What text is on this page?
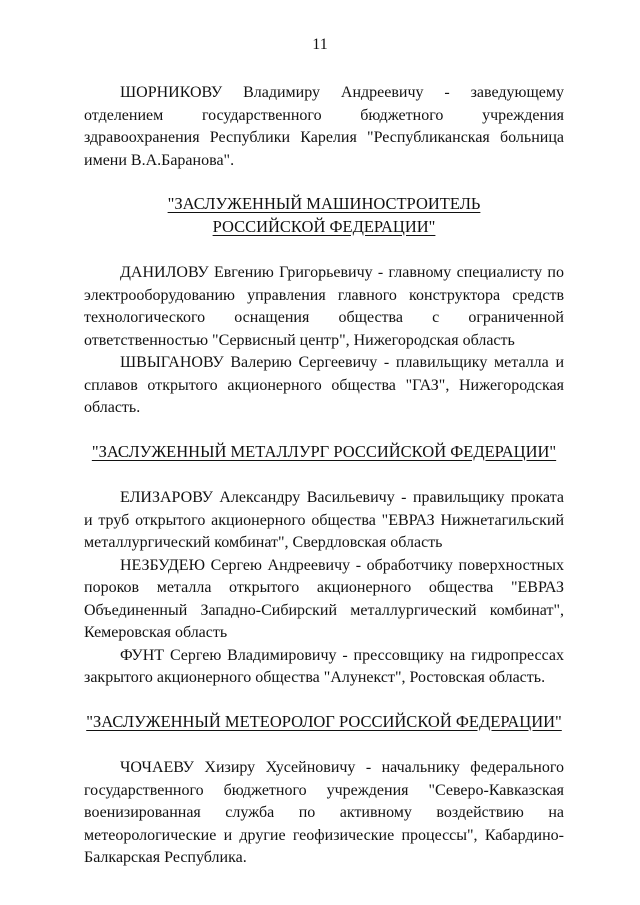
11

ШОРНИКОВУ Владимиру Андреевичу - заведующему отделением государственного бюджетного учреждения здравоохранения Республики Карелия "Республиканская больница имени В.А.Баранова".

"ЗАСЛУЖЕННЫЙ МАШИНОСТРОИТЕЛЬ
РОССИЙСКОЙ ФЕДЕРАЦИИ"

ДАНИЛОВУ Евгению Григорьевичу - главному специалисту по электрооборудованию управления главного конструктора средств технологического оснащения общества с ограниченной ответственностью "Сервисный центр", Нижегородская область

ШВЫГАНОВУ Валерию Сергеевичу - плавильщику металла и сплавов открытого акционерного общества "ГАЗ", Нижегородская область.

"ЗАСЛУЖЕННЫЙ МЕТАЛЛУРГ РОССИЙСКОЙ ФЕДЕРАЦИИ"

ЕЛИЗАРОВУ Александру Васильевичу - правильщику проката и труб открытого акционерного общества "ЕВРАЗ Нижнетагильский металлургический комбинат", Свердловская область

НЕЗБУДЕЮ Сергею Андреевичу - обработчику поверхностных пороков металла открытого акционерного общества "ЕВРАЗ Объединенный Западно-Сибирский металлургический комбинат", Кемеровская область

ФУНТ Сергею Владимировичу - прессовщику на гидропрессах закрытого акционерного общества "Алунекст", Ростовская область.

"ЗАСЛУЖЕННЫЙ МЕТЕОРОЛОГ РОССИЙСКОЙ ФЕДЕРАЦИИ"

ЧОЧАЕВУ Хизиру Хусейновичу - начальнику федерального государственного бюджетного учреждения "Северо-Кавказская военизированная служба по активному воздействию на метеорологические и другие геофизические процессы", Кабардино-Балкарская Республика.
